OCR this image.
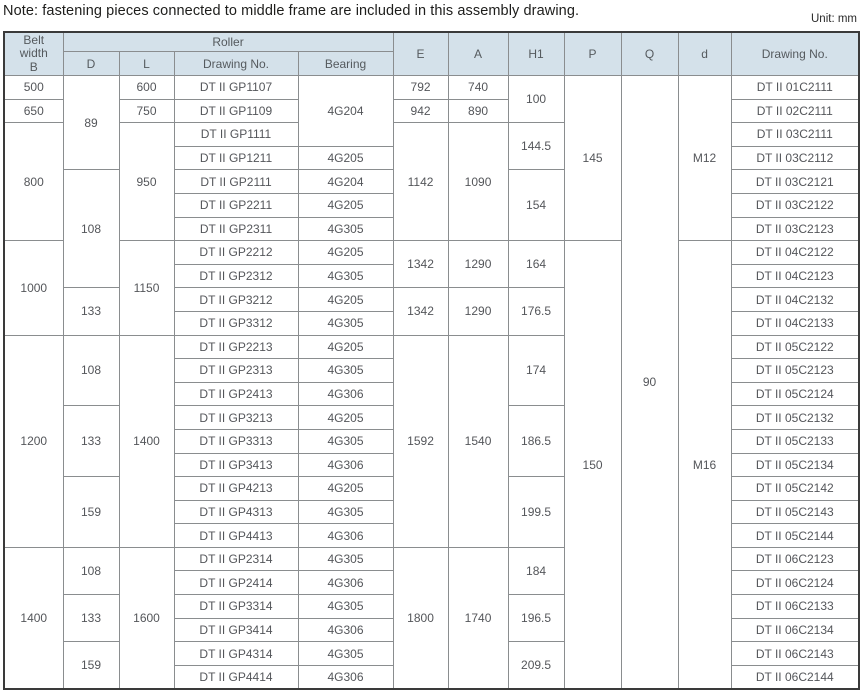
Note: fastening pieces connected to middle frame are included in this assembly drawing.	Unit: mm
Belt
width
B	Roller				E	A	H1	P	Q	d	Drawing No.
	D	L	Drawing No.	Bearing							
500	89	600	DT II GP1107	4G204	792	740	100	145	90	M12	DT II 01C2111
650		750	DT II GP1109		942	890					DT II 02C2111
800		950	DT II GP1111		1142	1090	144.5				DT II 03C2111
			DT II GP1211	4G205							DT II 03C2112
	108		DT II GP2111	4G204			154				DT II 03C2121
			DT II GP2211	4G205							DT II 03C2122
			DT II GP2311	4G305							DT II 03C2123
1000		1150	DT II GP2212	4G205	1342	1290	164	150		M16	DT II 04C2122
			DT II GP2312	4G305							DT II 04C2123
	133		DT II GP3212	4G205	1342	1290	176.5				DT II 04C2132
			DT II GP3312	4G305							DT II 04C2133
1200	108	1400	DT II GP2213	4G205	1592	1540	174				DT II 05C2122
			DT II GP2313	4G305							DT II 05C2123
			DT II GP2413	4G306							DT II 05C2124
	133		DT II GP3213	4G205			186.5				DT II 05C2132
			DT II GP3313	4G305							DT II 05C2133
			DT II GP3413	4G306							DT II 05C2134
	159		DT II GP4213	4G205			199.5				DT II 05C2142
			DT II GP4313	4G305							DT II 05C2143
			DT II GP4413	4G306							DT II 05C2144
1400	108	1600	DT II GP2314	4G305	1800	1740	184				DT II 06C2123
			DT II GP2414	4G306							DT II 06C2124
	133		DT II GP3314	4G305			196.5				DT II 06C2133
			DT II GP3414	4G306							DT II 06C2134
	159		DT II GP4314	4G305			209.5				DT II 06C2143
			DT II GP4414	4G306							DT II 06C2144
